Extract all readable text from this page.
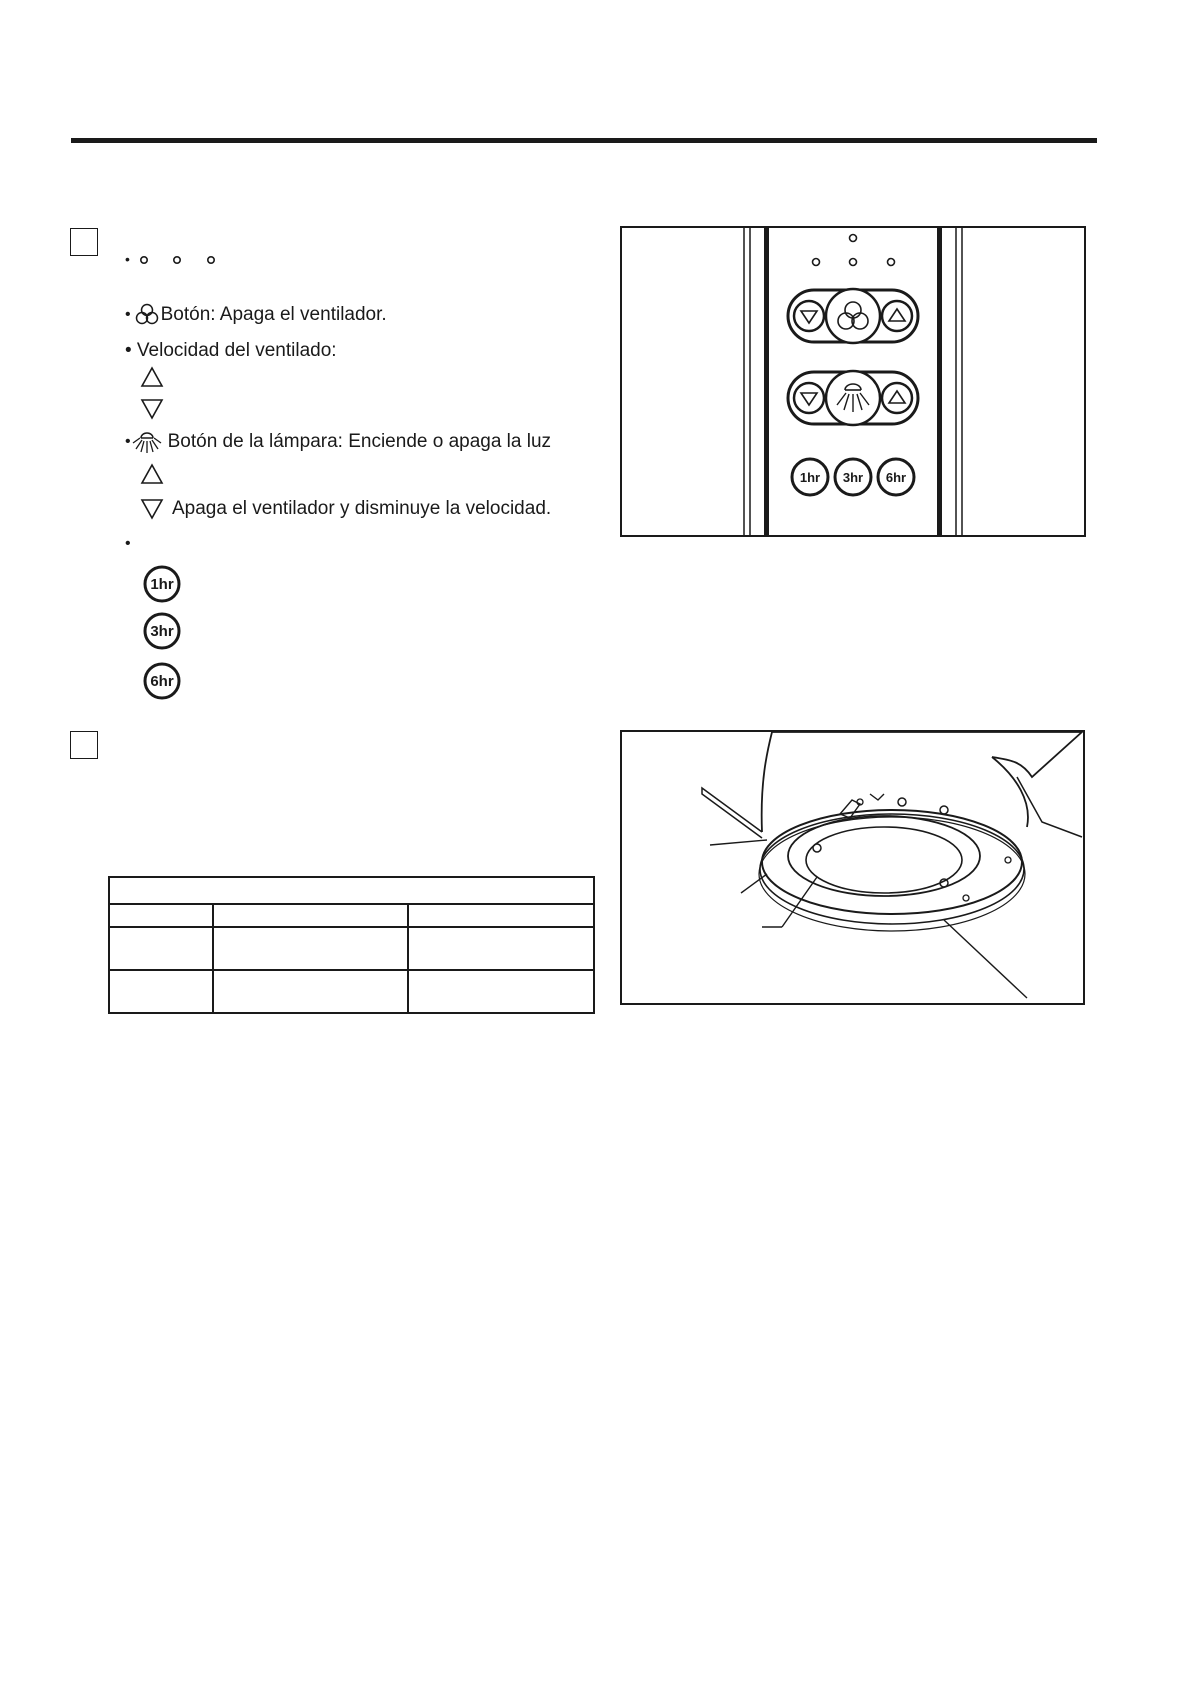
•
• Botón: Apaga el ventilador.
• Velocidad del ventilado:
• Botón de la lámpara: Enciende o apaga la luz
Apaga el ventilador y disminuye la velocidad.
•
1hr
3hr
6hr
1hr 3hr 6hr
